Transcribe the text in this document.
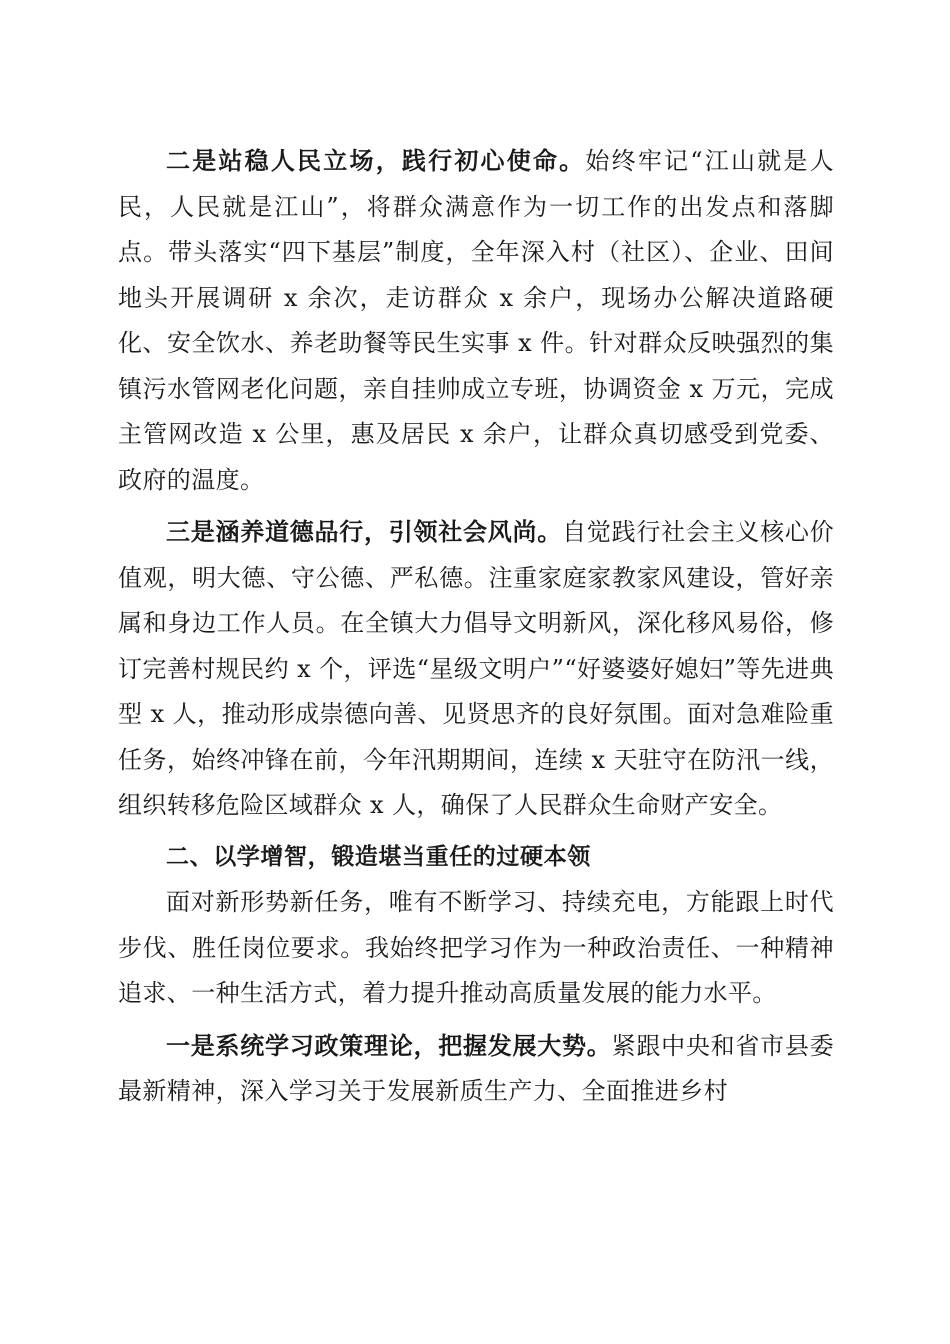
二是站稳人民立场，践行初心使命。始终牢记“江山就是人民，人民就是江山”，将群众满意作为一切工作的出发点和落脚点。带头落实“四下基层”制度，全年深入村（社区）、企业、田间地头开展调研 x 余次，走访群众 x 余户，现场办公解决道路硬化、安全饮水、养老助餐等民生实事 x 件。针对群众反映强烈的集镇污水管网老化问题，亲自挂帅成立专班，协调资金 x 万元，完成主管网改造 x 公里，惠及居民 x 余户，让群众真切感受到党委、政府的温度。

三是涵养道德品行，引领社会风尚。自觉践行社会主义核心价值观，明大德、守公德、严私德。注重家庭家教家风建设，管好亲属和身边工作人员。在全镇大力倡导文明新风，深化移风易俗，修订完善村规民约 x 个，评选“星级文明户”“好婆婆好媳妇”等先进典型 x 人，推动形成崇德向善、见贤思齐的良好氛围。面对急难险重任务，始终冲锋在前，今年汛期期间，连续 x 天驻守在防汛一线，组织转移危险区域群众 x 人，确保了人民群众生命财产安全。

二、以学增智，锻造堪当重任的过硬本领

面对新形势新任务，唯有不断学习、持续充电，方能跟上时代步伐、胜任岗位要求。我始终把学习作为一种政治责任、一种精神追求、一种生活方式，着力提升推动高质量发展的能力水平。

一是系统学习政策理论，把握发展大势。紧跟中央和省市县委最新精神，深入学习关于发展新质生产力、全面推进乡村
